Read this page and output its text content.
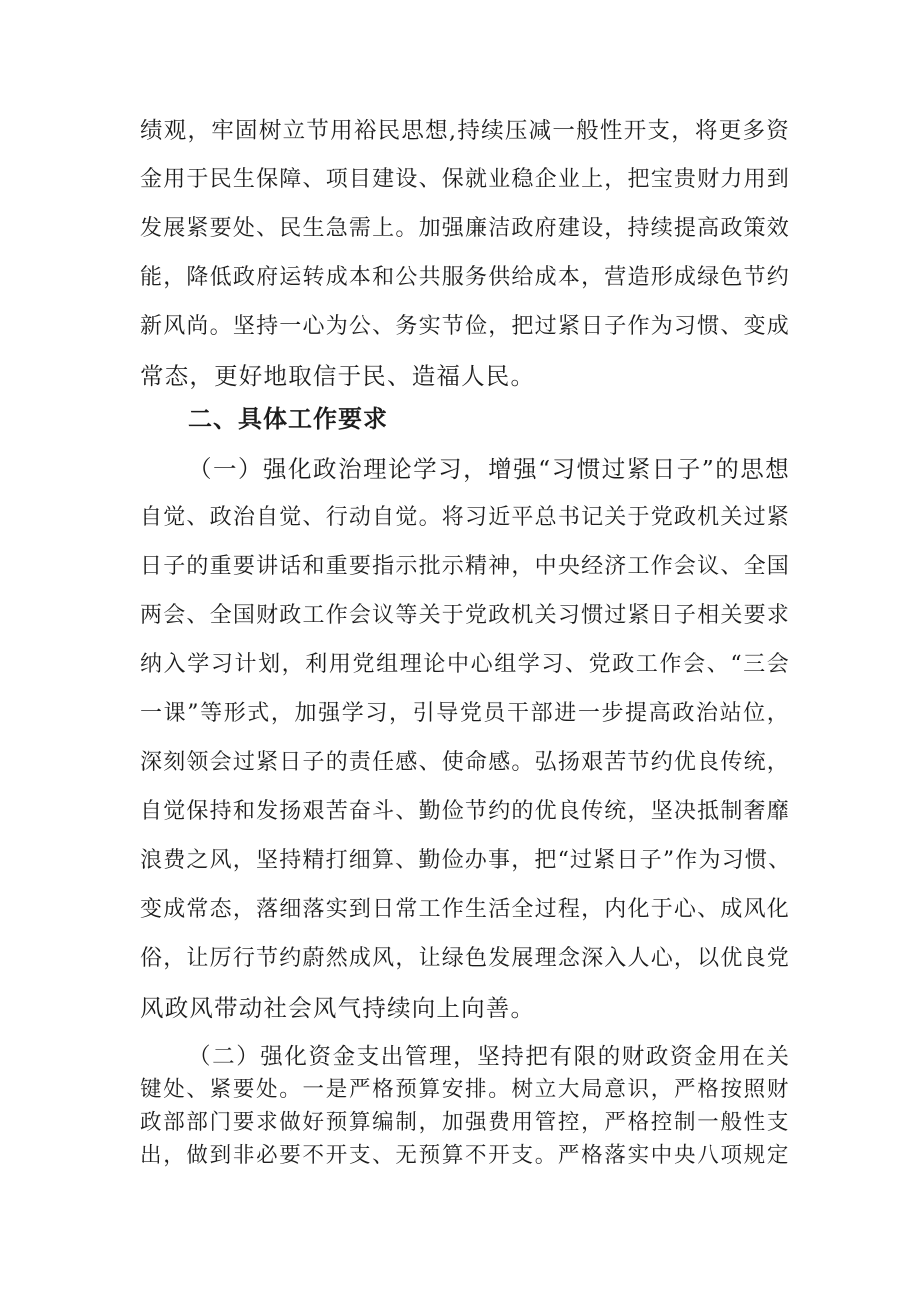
绩观，牢固树立节用裕民思想,持续压减一般性开支，将更多资
金用于民生保障、项目建设、保就业稳企业上，把宝贵财力用到
发展紧要处、民生急需上。加强廉洁政府建设，持续提高政策效
能，降低政府运转成本和公共服务供给成本，营造形成绿色节约
新风尚。坚持一心为公、务实节俭，把过紧日子作为习惯、变成
常态，更好地取信于民、造福人民。
二、具体工作要求
（一）强化政治理论学习，增强“习惯过紧日子”的思想
自觉、政治自觉、行动自觉。将习近平总书记关于党政机关过紧
日子的重要讲话和重要指示批示精神，中央经济工作会议、全国
两会、全国财政工作会议等关于党政机关习惯过紧日子相关要求
纳入学习计划，利用党组理论中心组学习、党政工作会、“三会
一课”等形式，加强学习，引导党员干部进一步提高政治站位，
深刻领会过紧日子的责任感、使命感。弘扬艰苦节约优良传统，
自觉保持和发扬艰苦奋斗、勤俭节约的优良传统，坚决抵制奢靡
浪费之风，坚持精打细算、勤俭办事，把“过紧日子”作为习惯、
变成常态，落细落实到日常工作生活全过程，内化于心、成风化
俗，让厉行节约蔚然成风，让绿色发展理念深入人心，以优良党
风政风带动社会风气持续向上向善。
（二）强化资金支出管理，坚持把有限的财政资金用在关
键处、紧要处。一是严格预算安排。树立大局意识，严格按照财
政部部门要求做好预算编制，加强费用管控，严格控制一般性支
出，做到非必要不开支、无预算不开支。严格落实中央八项规定
